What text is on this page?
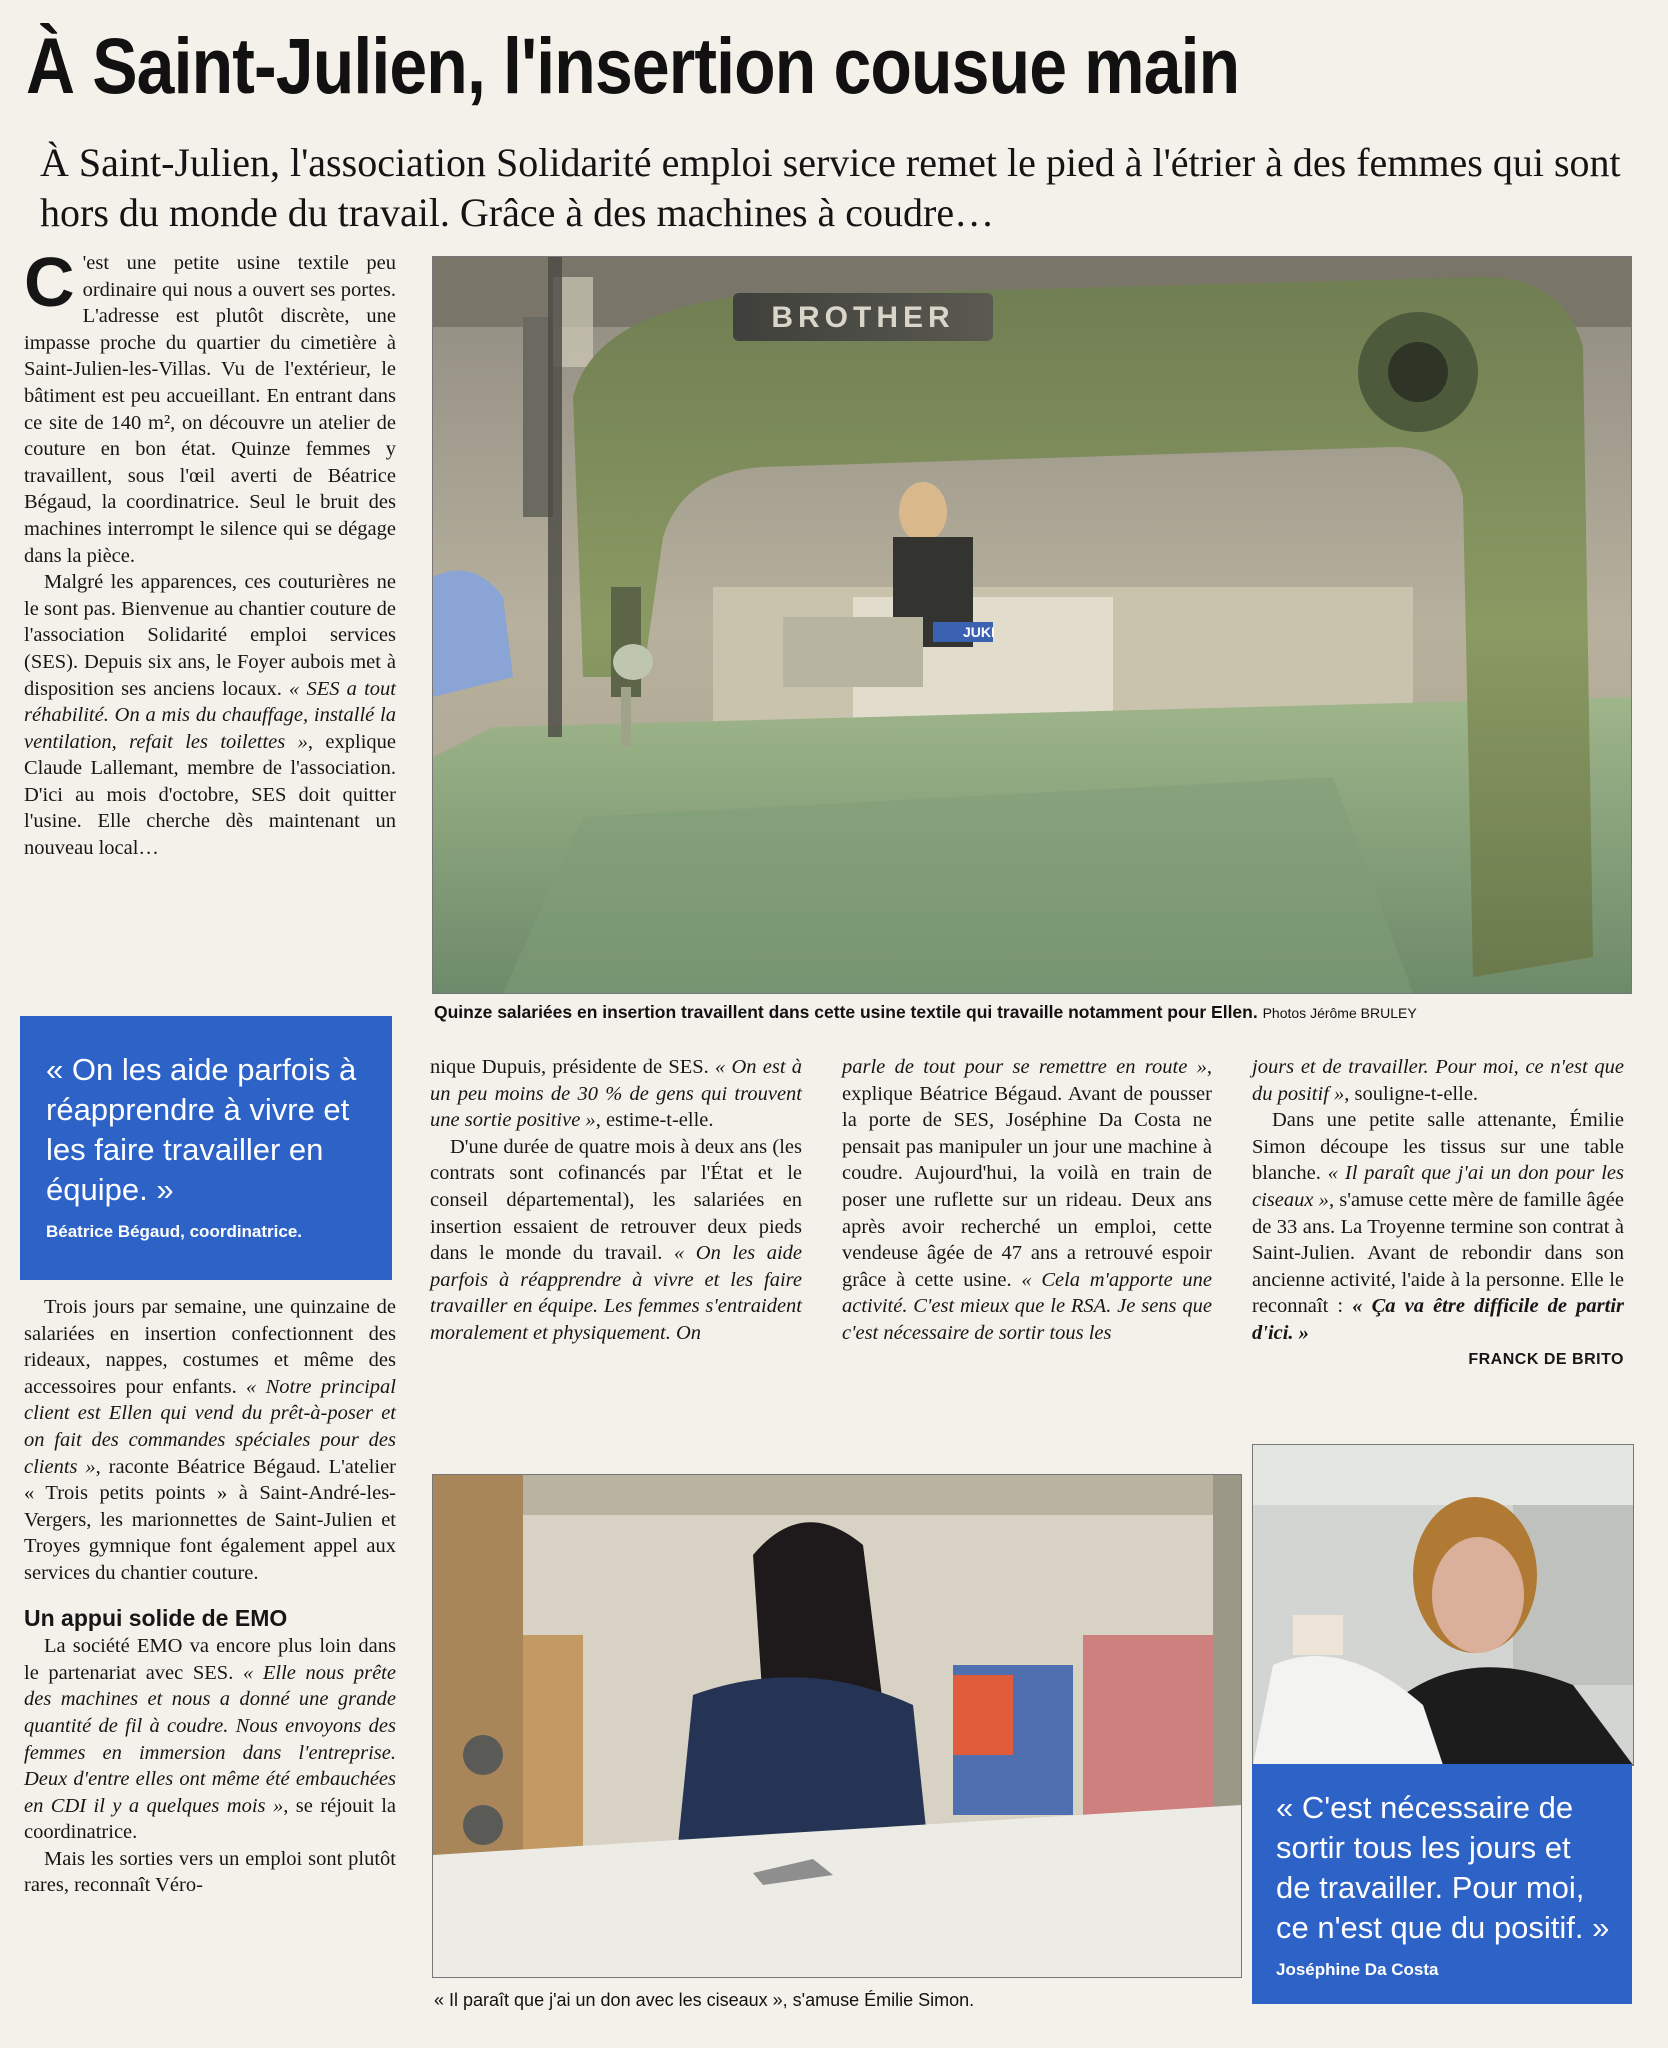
À Saint-Julien, l'insertion cousue main

À Saint-Julien, l'association Solidarité emploi service remet le pied à l'étrier à des femmes qui sont hors du monde du travail. Grâce à des machines à coudre…

C 'est une petite usine textile peu ordinaire qui nous a ouvert ses portes. L'adresse est plutôt discrète, une impasse proche du quartier du cimetière à Saint-Julien-les-Villas. Vu de l'extérieur, le bâtiment est peu accueillant. En entrant dans ce site de 140 m², on découvre un atelier de couture en bon état. Quinze femmes y travaillent, sous l'œil averti de Béatrice Bégaud, la coordinatrice. Seul le bruit des machines interrompt le silence qui se dégage dans la pièce.

Malgré les apparences, ces couturières ne le sont pas. Bienvenue au chantier couture de l'association Solidarité emploi services (SES). Depuis six ans, le Foyer aubois met à disposition ses anciens locaux. « SES a tout réhabilité. On a mis du chauffage, installé la ventilation, refait les toilettes », explique Claude Lallemant, membre de l'association. D'ici au mois d'octobre, SES doit quitter l'usine. Elle cherche dès maintenant un nouveau local…

« On les aide parfois à réapprendre à vivre et les faire travailler en équipe. »
Béatrice Bégaud, coordinatrice.

Trois jours par semaine, une quinzaine de salariées en insertion confectionnent des rideaux, nappes, costumes et même des accessoires pour enfants. « Notre principal client est Ellen qui vend du prêt-à-poser et on fait des commandes spéciales pour des clients », raconte Béatrice Bégaud. L'atelier « Trois petits points » à Saint-André-les-Vergers, les marionnettes de Saint-Julien et Troyes gymnique font également appel aux services du chantier couture.

Un appui solide de EMO

La société EMO va encore plus loin dans le partenariat avec SES. « Elle nous prête des machines et nous a donné une grande quantité de fil à coudre. Nous envoyons des femmes en immersion dans l'entreprise. Deux d'entre elles ont même été embauchées en CDI il y a quelques mois », se réjouit la coordinatrice.

Mais les sorties vers un emploi sont plutôt rares, reconnaît Véro-

BROTHER
JUKI
Quinze salariées en insertion travaillent dans cette usine textile qui travaille notamment pour Ellen. Photos Jérôme BRULEY

nique Dupuis, présidente de SES. « On est à un peu moins de 30 % de gens qui trouvent une sortie positive », estime-t-elle.

D'une durée de quatre mois à deux ans (les contrats sont cofinancés par l'État et le conseil départemental), les salariées en insertion essaient de retrouver deux pieds dans le monde du travail. « On les aide parfois à réapprendre à vivre et les faire travailler en équipe. Les femmes s'entraident moralement et physiquement. On

parle de tout pour se remettre en route », explique Béatrice Bégaud. Avant de pousser la porte de SES, Joséphine Da Costa ne pensait pas manipuler un jour une machine à coudre. Aujourd'hui, la voilà en train de poser une ruflette sur un rideau. Deux ans après avoir recherché un emploi, cette vendeuse âgée de 47 ans a retrouvé espoir grâce à cette usine. « Cela m'apporte une activité. C'est mieux que le RSA. Je sens que c'est nécessaire de sortir tous les

jours et de travailler. Pour moi, ce n'est que du positif », souligne-t-elle.

Dans une petite salle attenante, Émilie Simon découpe les tissus sur une table blanche. « Il paraît que j'ai un don pour les ciseaux », s'amuse cette mère de famille âgée de 33 ans. La Troyenne termine son contrat à Saint-Julien. Avant de rebondir dans son ancienne activité, l'aide à la personne. Elle le reconnaît : « Ça va être difficile de partir d'ici. »

FRANCK DE BRITO
« Il paraît que j'ai un don avec les ciseaux », s'amuse Émilie Simon.
« C'est nécessaire de sortir tous les jours et de travailler. Pour moi, ce n'est que du positif. »
Joséphine Da Costa
